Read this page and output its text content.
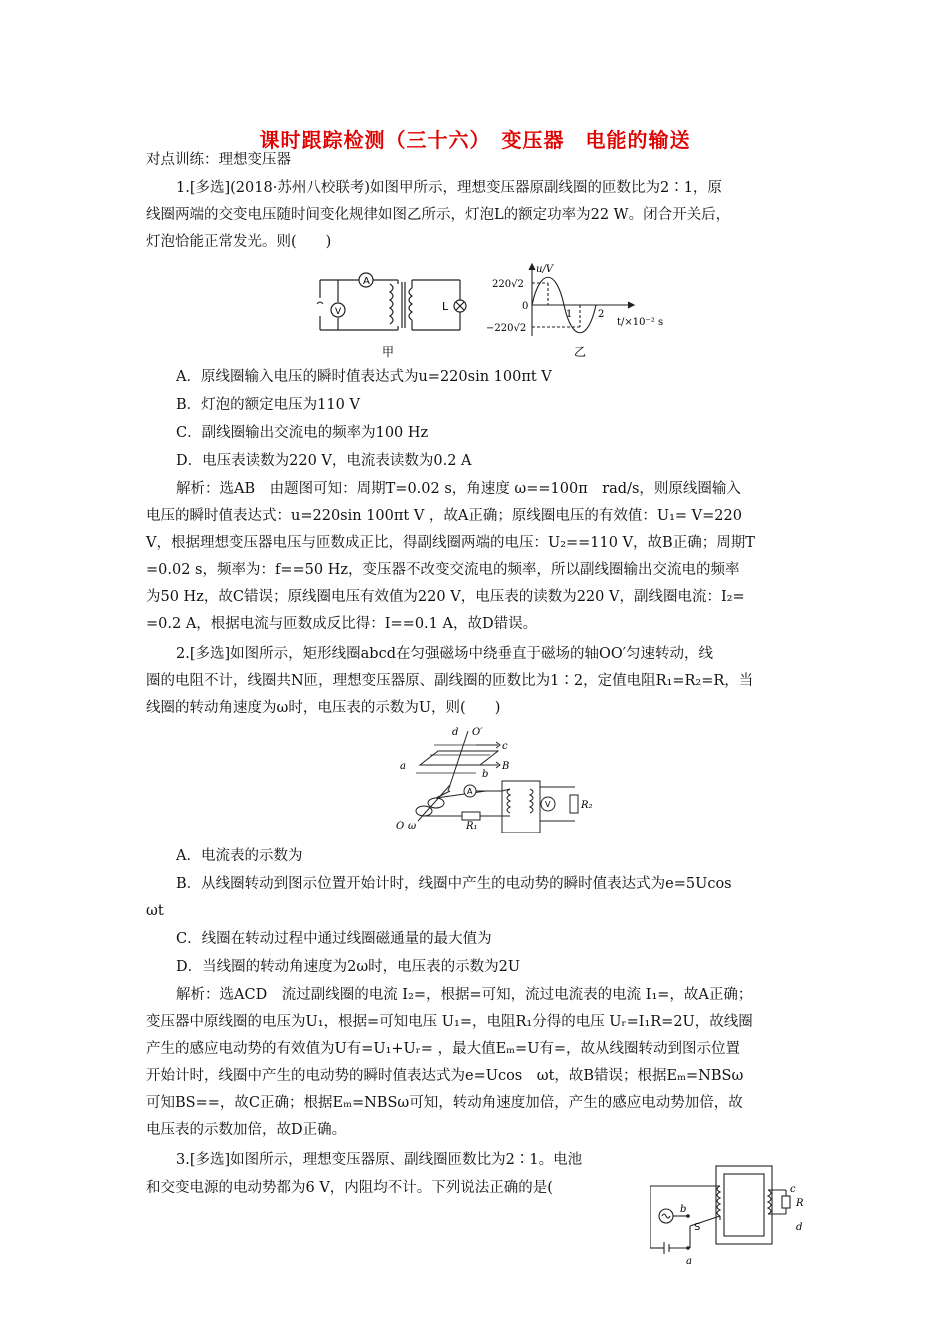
课时跟踪检测（三十六）　变压器　电能的输送
对点训练：理想变压器
1.[多选](2018·苏州八校联考)如图甲所示，理想变压器原副线圈的匝数比为2∶1，原
线圈两端的交变电压随时间变化规律如图乙所示，灯泡L的额定功率为22 W。闭合开关后，
灯泡恰能正常发光。则(　　)
A
V	L
甲
u/V
220√2
0
−220√2
1	2
t/×10⁻² s
乙
A．原线圈输入电压的瞬时值表达式为u=220sin 100πt V
B．灯泡的额定电压为110 V
C．副线圈输出交流电的频率为100 Hz
D．电压表读数为220 V，电流表读数为0.2 A
解析：选AB　由题图可知：周期T=0.02 s，角速度 ω==100π　rad/s，则原线圈输入
电压的瞬时值表达式：u=220sin 100πt V ，故A正确；原线圈电压的有效值：U₁= V=220
V，根据理想变压器电压与匝数成正比，得副线圈两端的电压：U₂==110 V，故B正确；周期T
=0.02 s，频率为：f==50 Hz，变压器不改变交流电的频率，所以副线圈输出交流电的频率
为50 Hz，故C错误；原线圈电压有效值为220 V，电压表的读数为220 V，副线圈电流：I₂=
=0.2 A，根据电流与匝数成反比得：I==0.1 A，故D错误。
2.[多选]如图所示，矩形线圈abcd在匀强磁场中绕垂直于磁场的轴OO′匀速转动，线
圈的电阻不计，线圈共N匝，理想变压器原、副线圈的匝数比为1∶2，定值电阻R₁=R₂=R，当
线圈的转动角速度为ω时，电压表的示数为U，则(　　)
d O′
c
a
b
B
A
V	R₂
R₁
O ω
A．电流表的示数为
B．从线圈转动到图示位置开始计时，线圈中产生的电动势的瞬时值表达式为e=5Ucos
ωt
C．线圈在转动过程中通过线圈磁通量的最大值为
D．当线圈的转动角速度为2ω时，电压表的示数为2U
解析：选ACD　流过副线圈的电流 I₂=，根据=可知，流过电流表的电流 I₁=，故A正确；
变压器中原线圈的电压为U₁，根据=可知电压 U₁=，电阻R₁分得的电压 Uᵣ=I₁R=2U，故线圈
产生的感应电动势的有效值为U有=U₁+Uᵣ= ，最大值Eₘ=U有=，故从线圈转动到图示位置
开始计时，线圈中产生的电动势的瞬时值表达式为e=Ucos　ωt，故B错误；根据Eₘ=NBSω
可知BS==，故C正确；根据Eₘ=NBSω可知，转动角速度加倍，产生的感应电动势加倍，故
电压表的示数加倍，故D正确。
3.[多选]如图所示，理想变压器原、副线圈匝数比为2∶1。电池
和交变电源的电动势都为6 V，内阻均不计。下列说法正确的是(
b
S
a
c
R
d
